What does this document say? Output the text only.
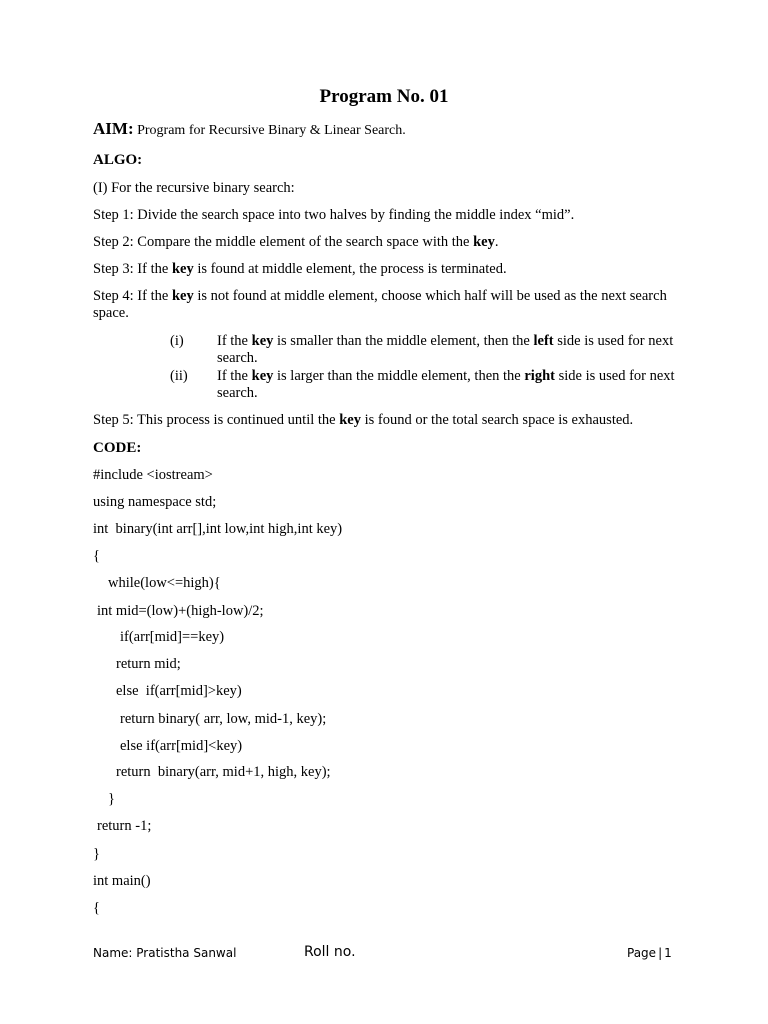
Program No. 01
AIM: Program for Recursive Binary & Linear Search.
ALGO:
(I) For the recursive binary search:
Step 1: Divide the search space into two halves by finding the middle index “mid”.
Step 2: Compare the middle element of the search space with the key.
Step 3: If the key is found at middle element, the process is terminated.
Step 4: If the key is not found at middle element, choose which half will be used as the next search space.
(i) If the key is smaller than the middle element, then the left side is used for next search.
(ii) If the key is larger than the middle element, then the right side is used for next search.
Step 5: This process is continued until the key is found or the total search space is exhausted.
CODE:
#include <iostream>
using namespace std;
int  binary(int arr[],int low,int high,int key)
{
while(low<=high){
int mid=(low)+(high-low)/2;
if(arr[mid]==key)
return mid;
else  if(arr[mid]>key)
return binary( arr, low, mid-1, key);
else if(arr[mid]<key)
return  binary(arr, mid+1, high, key);
}
return -1;
}
int main()
{
Name: Pratistha Sanwal	Roll no.	Page | 1
